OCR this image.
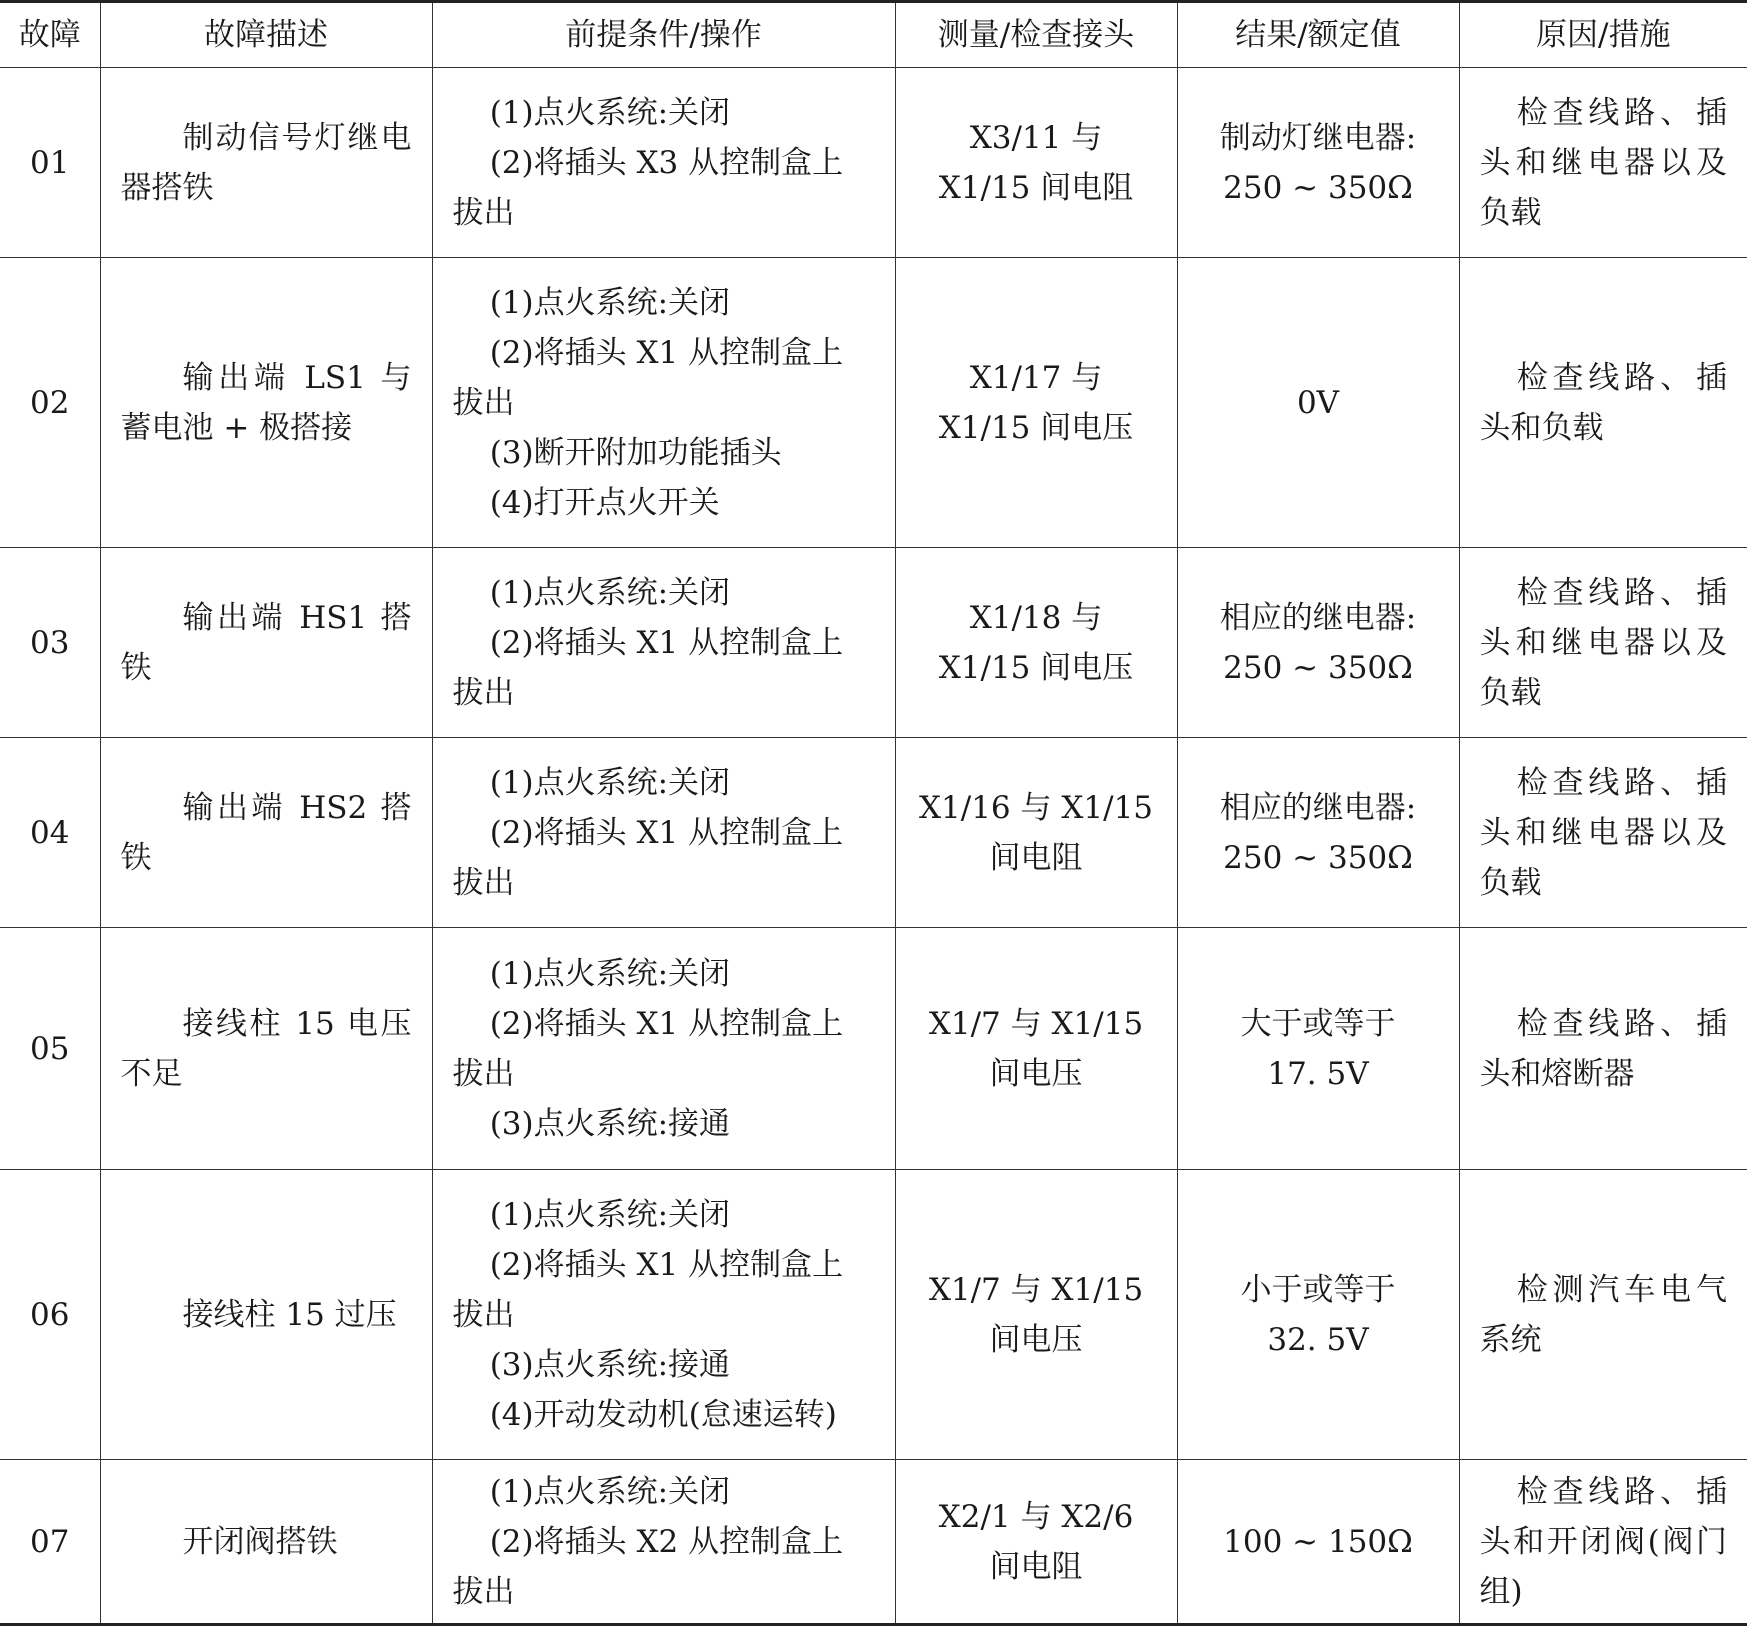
故障	故障描述	前提条件/操作	测量/检查接头	结果/额定值	原因/措施
01	制动信号灯继电器搭铁	(1)点火系统:关闭
(2)将插头 X3 从控制盒上
拔出	X3/11 与
X1/15 间电阻	制动灯继电器:
250 ~ 350Ω	检查线路、插头和继电器以及负载
02	输出端 LS1 与蓄电池 + 极搭接	(1)点火系统:关闭
(2)将插头 X1 从控制盒上
拔出
(3)断开附加功能插头
(4)打开点火开关	X1/17 与
X1/15 间电压	0V	检查线路、插头和负载
03	输出端 HS1 搭铁	(1)点火系统:关闭
(2)将插头 X1 从控制盒上
拔出	X1/18 与
X1/15 间电压	相应的继电器:
250 ~ 350Ω	检查线路、插头和继电器以及负载
04	输出端 HS2 搭铁	(1)点火系统:关闭
(2)将插头 X1 从控制盒上
拔出	X1/16 与 X1/15
间电阻	相应的继电器:
250 ~ 350Ω	检查线路、插头和继电器以及负载
05	接线柱 15 电压不足	(1)点火系统:关闭
(2)将插头 X1 从控制盒上
拔出
(3)点火系统:接通	X1/7 与 X1/15
间电压	大于或等于
17. 5V	检查线路、插头和熔断器
06	接线柱 15 过压	(1)点火系统:关闭
(2)将插头 X1 从控制盒上
拔出
(3)点火系统:接通
(4)开动发动机(怠速运转)	X1/7 与 X1/15
间电压	小于或等于
32. 5V	检测汽车电气系统
07	开闭阀搭铁	(1)点火系统:关闭
(2)将插头 X2 从控制盒上
拔出	X2/1 与 X2/6
间电阻	100 ~ 150Ω	检查线路、插头和开闭阀(阀门组)
